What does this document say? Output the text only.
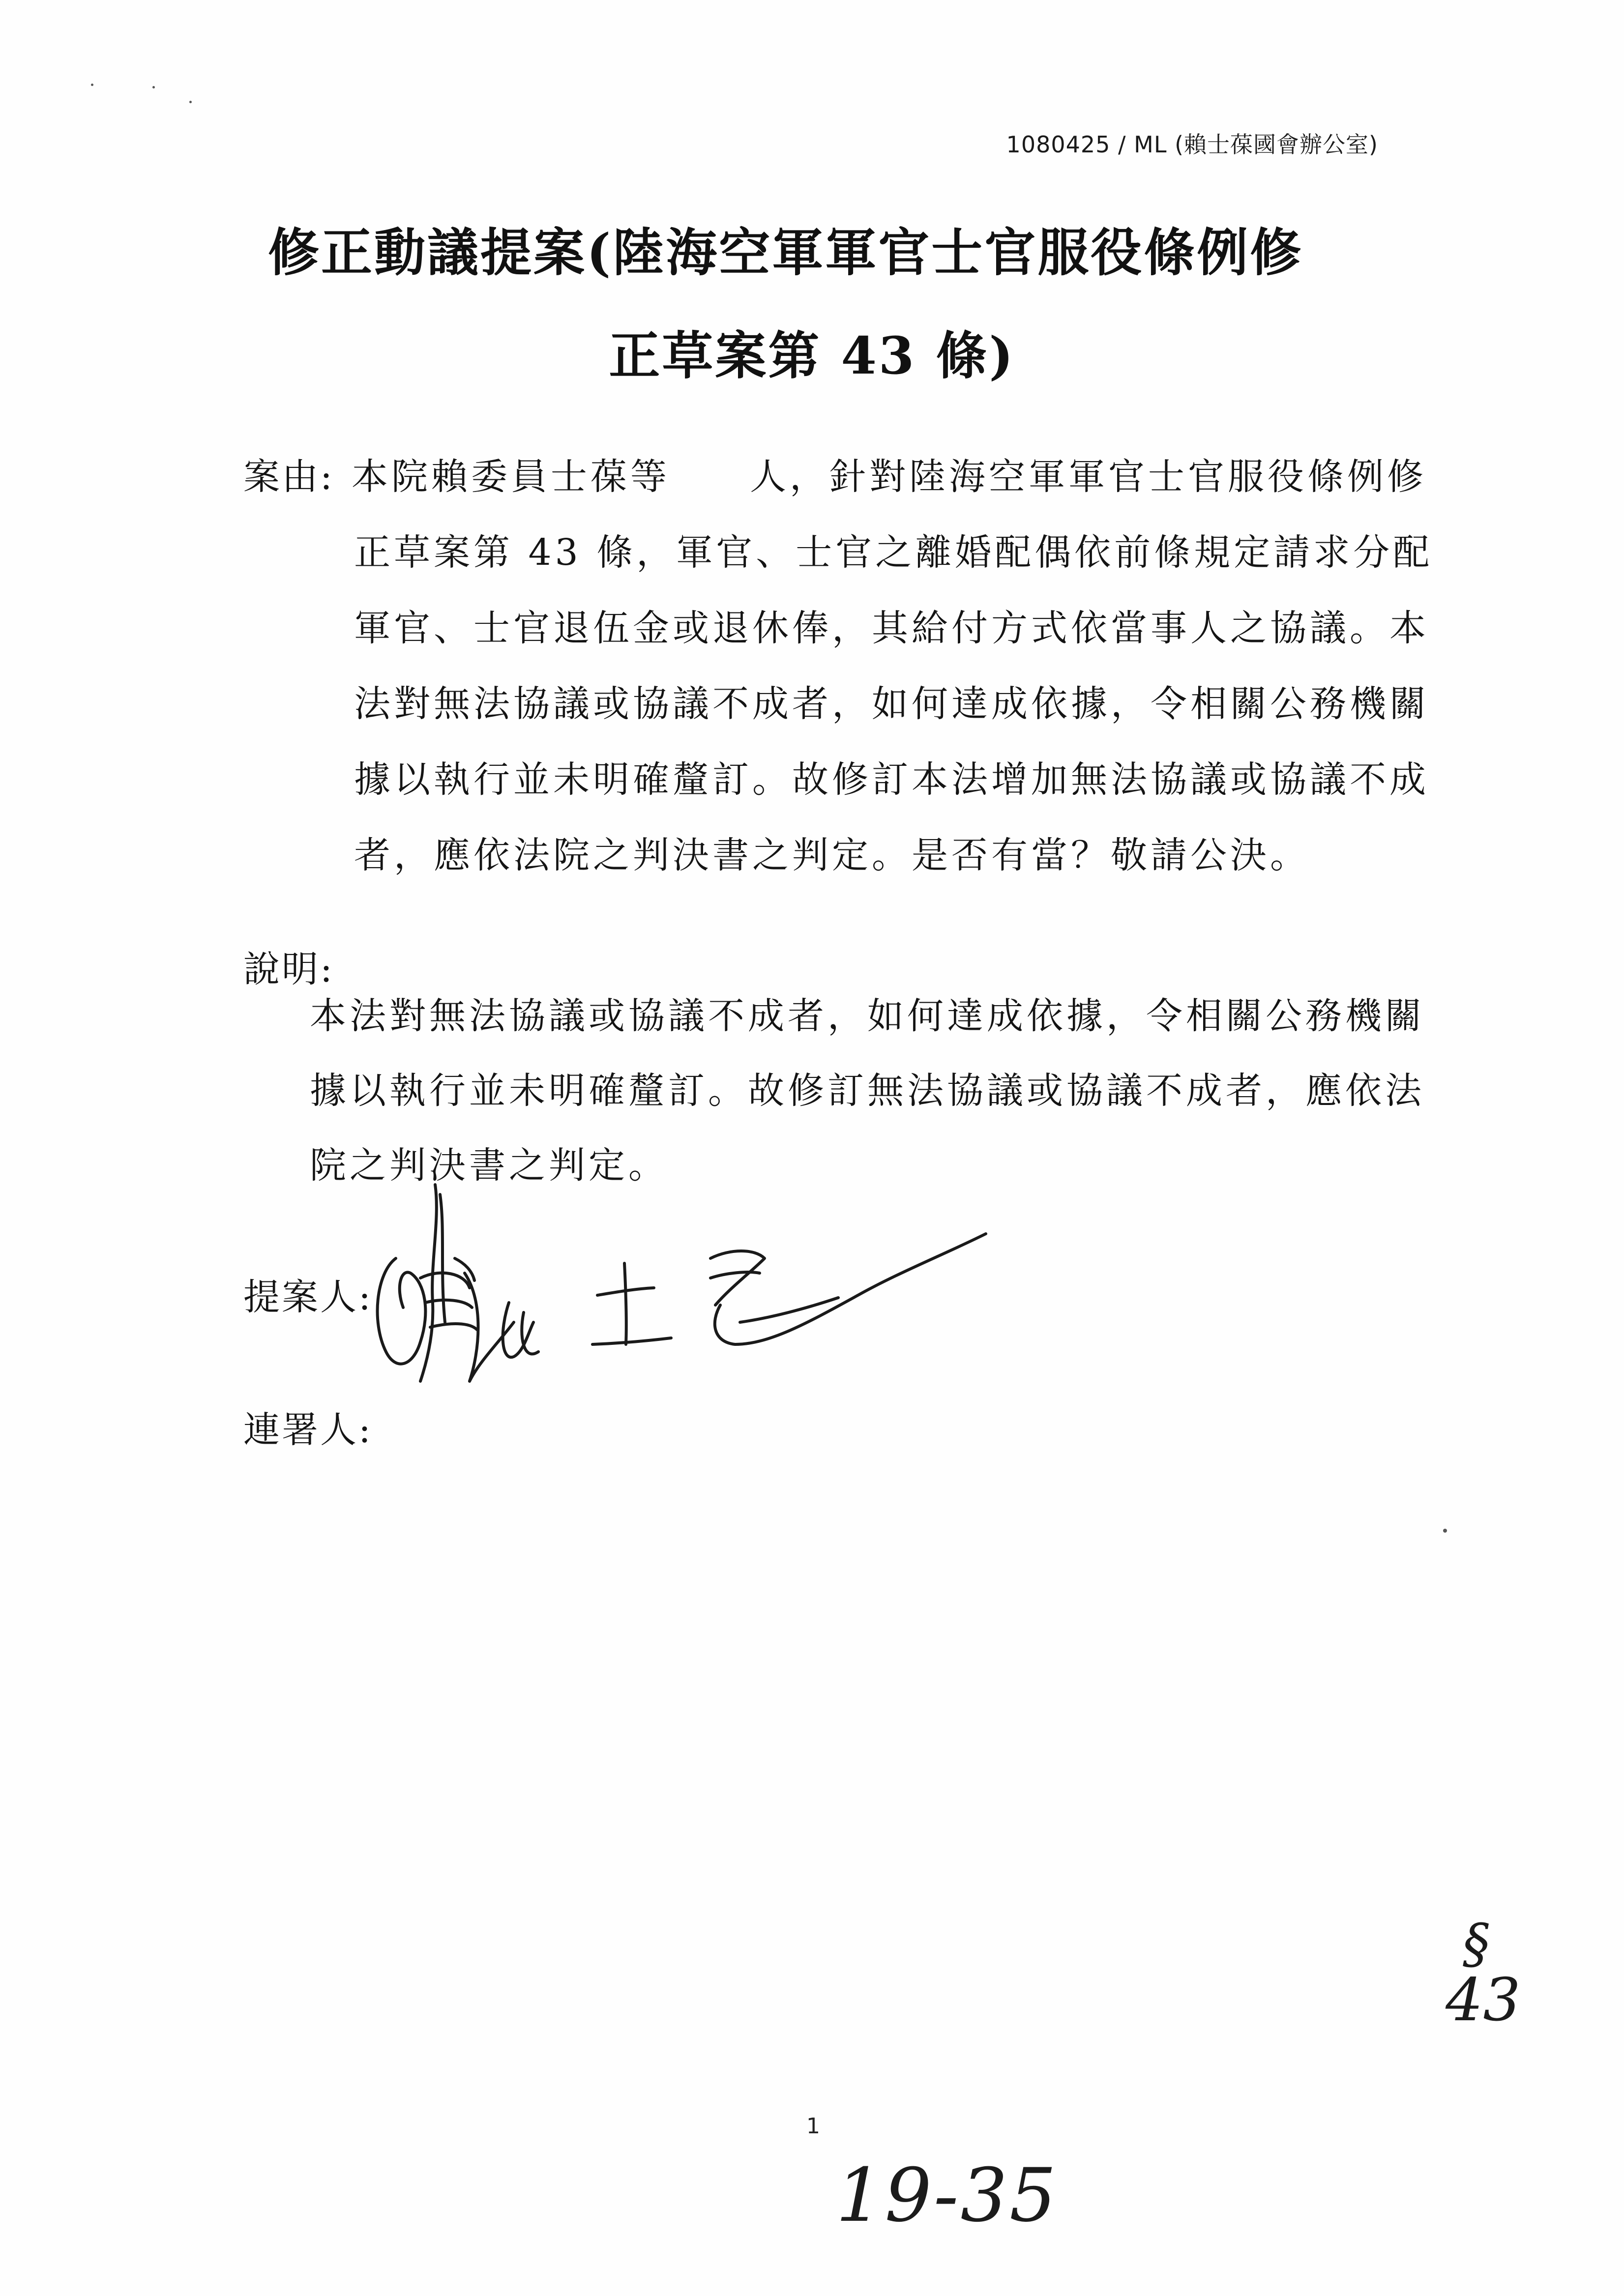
1080425 / ML (賴士葆國會辦公室)
修正動議提案(陸海空軍軍官士官服役條例修
正草案第 43 條)
案由: 本院賴委員士葆等　　人，針對陸海空軍軍官士官服役條例修
正草案第 43 條，軍官、士官之離婚配偶依前條規定請求分配
軍官、士官退伍金或退休俸，其給付方式依當事人之協議。本
法對無法協議或協議不成者，如何達成依據，令相關公務機關
據以執行並未明確釐訂。故修訂本法增加無法協議或協議不成
者，應依法院之判決書之判定。是否有當？敬請公決。
說明:
本法對無法協議或協議不成者，如何達成依據，令相關公務機關
據以執行並未明確釐訂。故修訂無法協議或協議不成者，應依法
院之判決書之判定。
提案人:
連署人:
§
43
1
19-35
